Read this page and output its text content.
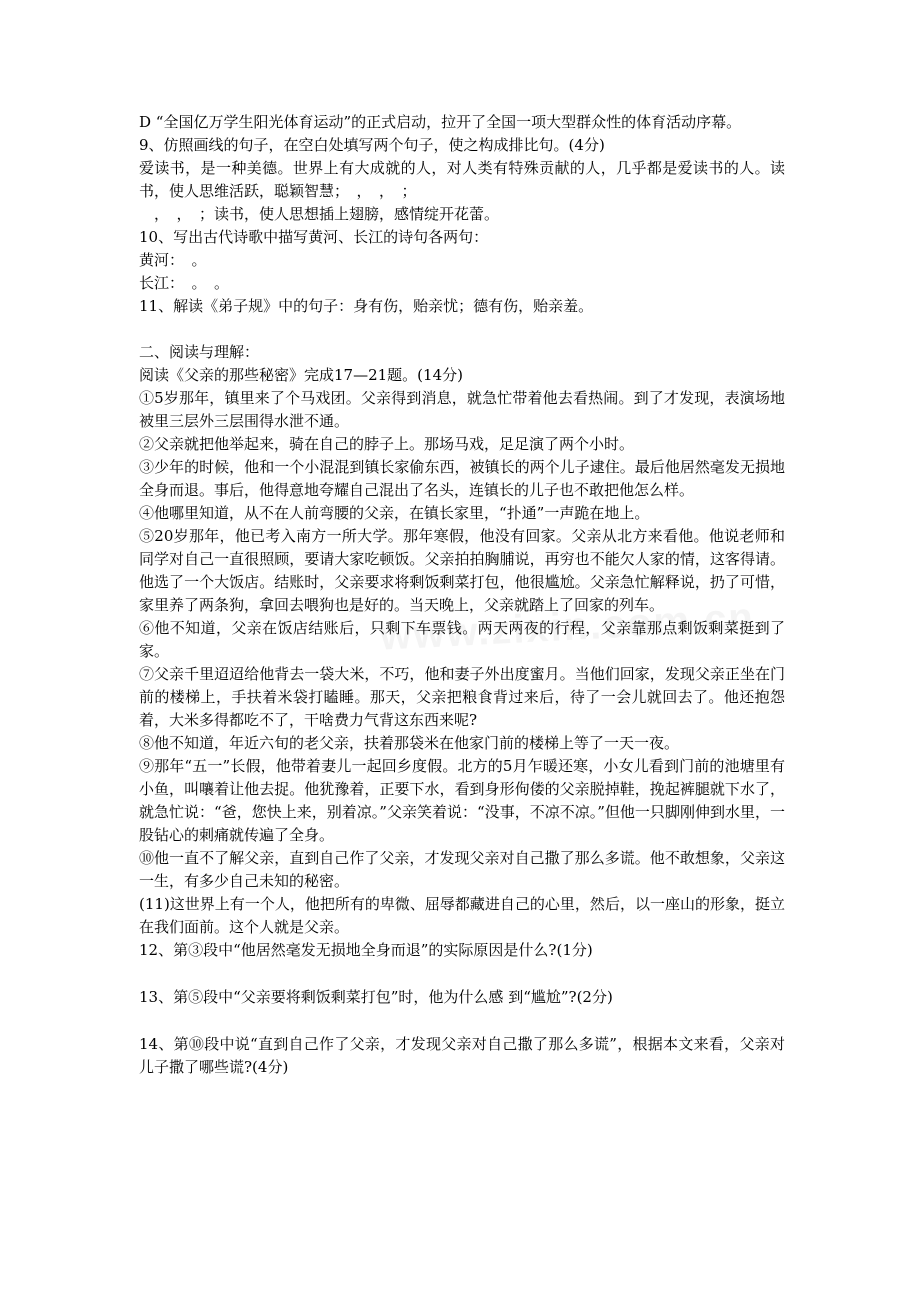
D “全国亿万学生阳光体育运动”的正式启动，拉开了全国一项大型群众性的体育活动序幕。

9、仿照画线的句子，在空白处填写两个句子，使之构成排比句。(4分)

爱读书，是一种美德。世界上有大成就的人，对人类有特殊贡献的人，几乎都是爱读书的人。读书，使人思维活跃，聪颖智慧；　，　，　；

　，　，　；读书，使人思想插上翅膀，感情绽开花蕾。

10、写出古代诗歌中描写黄河、长江的诗句各两句：

黄河：　。

长江：　。　。

11、解读《弟子规》中的句子：身有伤，贻亲忧；德有伤，贻亲羞。

二、阅读与理解：

阅读《父亲的那些秘密》完成17—21题。(14分)

①5岁那年，镇里来了个马戏团。父亲得到消息，就急忙带着他去看热闹。到了才发现，表演场地被里三层外三层围得水泄不通。

②父亲就把他举起来，骑在自己的脖子上。那场马戏，足足演了两个小时。

③少年的时候，他和一个小混混到镇长家偷东西，被镇长的两个儿子逮住。最后他居然毫发无损地全身而退。事后，他得意地夸耀自己混出了名头，连镇长的儿子也不敢把他怎么样。

④他哪里知道，从不在人前弯腰的父亲，在镇长家里，“扑通”一声跪在地上。

⑤20岁那年，他已考入南方一所大学。那年寒假，他没有回家。父亲从北方来看他。他说老师和同学对自己一直很照顾，要请大家吃顿饭。父亲拍拍胸脯说，再穷也不能欠人家的情，这客得请。他选了一个大饭店。结账时，父亲要求将剩饭剩菜打包，他很尴尬。父亲急忙解释说，扔了可惜，家里养了两条狗，拿回去喂狗也是好的。当天晚上，父亲就踏上了回家的列车。

⑥他不知道，父亲在饭店结账后，只剩下车票钱。两天两夜的行程，父亲靠那点剩饭剩菜挺到了家。

⑦父亲千里迢迢给他背去一袋大米，不巧，他和妻子外出度蜜月。当他们回家，发现父亲正坐在门前的楼梯上，手扶着米袋打瞌睡。那天，父亲把粮食背过来后，待了一会儿就回去了。他还抱怨着，大米多得都吃不了，干啥费力气背这东西来呢?

⑧他不知道，年近六旬的老父亲，扶着那袋米在他家门前的楼梯上等了一天一夜。

⑨那年“五一”长假，他带着妻儿一起回乡度假。北方的5月乍暖还寒，小女儿看到门前的池塘里有小鱼，叫嚷着让他去捉。他犹豫着，正要下水，看到身形佝偻的父亲脱掉鞋，挽起裤腿就下水了，就急忙说：“爸，您快上来，别着凉。”父亲笑着说：“没事，不凉不凉。”但他一只脚刚伸到水里，一股钻心的刺痛就传遍了全身。

⑩他一直不了解父亲，直到自己作了父亲，才发现父亲对自己撒了那么多谎。他不敢想象，父亲这一生，有多少自己未知的秘密。

(11)这世界上有一个人，他把所有的卑微、屈辱都藏进自己的心里，然后，以一座山的形象，挺立在我们面前。这个人就是父亲。

12、第③段中“他居然毫发无损地全身而退”的实际原因是什么?(1分)

13、第⑤段中“父亲要将剩饭剩菜打包”时，他为什么感 到“尴尬”?(2分)

14、第⑩段中说“直到自己作了父亲，才发现父亲对自己撒了那么多谎”，根据本文来看，父亲对儿子撒了哪些谎?(4分)
